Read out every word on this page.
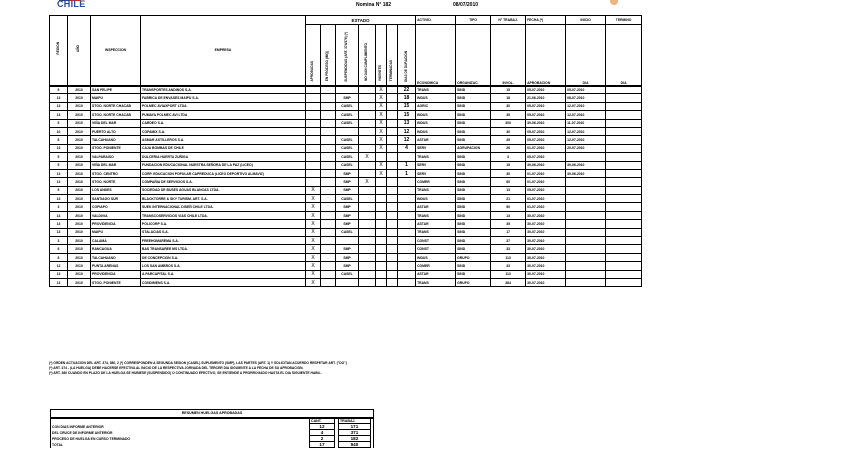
CHILE	Nomina N° 182	08/07/2010
REGION	AÑO	INSPECCION	EMPRESA	ESTADO							ACTIVID.	TIPO	N° TRABAJ.	FECHA (*)	INICIO	TERMINO
				APROBADAS	EN PROCESO (IMQ)	SUSPENDIDAS (ART. 374/376) (*)	NO DAN CUMPLIMIENTO	VIGENTES	TERMINADAS	DIAS DE DURACION	ECONOMICA	ORGANIZAC.	INVOL.	APROBACION	DIA	DIA
5	2010	SAN FELIPE	TRANSPORTES ANDINOS S.A.					X		22	TRANS	SIND	15	05-07-2010	05-07-2010	
13	2010	MAIPU	FABRICA DE ENVASES MAIPU S.A.			SMP		X		18	INDUS	SIND	18	21-06-2010	08-07-2010	
13	2010	STGO. NORTE CHACAB	POLMEC AVIAXPORT LTDA			CASEL		X		15	AGRIC	SIND	30	05-07-2010	12-07-2010	
13	2010	STGO. NORTE CHACAB	PUMAYA POLMEC AVI LTDA			CASEL		X		15	INDUS	SIND	35	05-07-2010	12-07-2010	
5	2010	VIÑA DEL MAR	CARDEO S.A.			CASEL		X		13	INDUS	SIND	300	30-06-2010	11-07-2010	
10	2010	PUERTO ALTO	COPAMIX S.A.					X		12	INDUS	SIND	30	05-07-2010	12-07-2010	
8	2010	TALCAHUANO	ASMAR ASTILLEROS S.A.			CASEL		X		12	ASTAR	SIND	35	05-07-2010	12-07-2010	
13	2010	STGO. PONIENTE	CAJA BOMBAS DE CHILE			CASEL		X		4	SERV	AGRUPACION	26	01-07-2010	20-07-2010	
5	2010	VALPARAISO	DULCERIA HUERTA ZUÑIGA			CASEL	X				TRANS	SIND	3	05-07-2010		
5	2010	VIÑA DEL MAR	FUNDACION EDUCACIONAL NUESTRA SEÑORA DE LA PAZ (LICEO)			CASEL		X		1	SERV	SIND	15	30-06-2010	30-06-2010	
13	2010	STGO. CENTRO	CORP. EDUCACION POPULAR CAPREDUCA (LICEO DEPORTIVO ALMAVIZ)			SMP		X		1	SERV	SIND	30	01-07-2010	30-06-2010	
13	2010	STGO. NORTE	COMPAÑIA DE SERVICIOS S.A.			SMP	X				COMER	SIND	60	01-07-2010		
5	2010	LOS ANDES	SOCIEDAD DE BUSES AGUAS BLANCAS LTDA.	X		SMP					TRANS	SIND	13	05-07-2010		
13	2010	SANTIAGO SUR	BLACKTORRE & SKY TURISM. ART. S.A.	X		CASEL					INDUS	SIND	21	01-07-2010		
3	2010	COPIAPO	SUEK INTERNACIONAL DISEÑ CHILE LTDA.	X		SMP					ASTAR	SIND	50	01-07-2010		
14	2010	VALDIVIA	TRANSCOSERVICIOS VIAS CHILE LTDA.	X		SMP					TRANS	SIND	13	30-07-2010		
13	2010	PROVIDENCIA	POLICORP S.A.	X		SMP					ASTAR	SIND	35	30-07-2010		
13	2010	MAIPU	STALACIAS S.A.	X		CASEL					TRANS	SIND	17	30-07-2010		
3	2010	CALAMA	FREEHOMAREMA S.A.	X							CONST	SIND	37	30-07-2010		
6	2010	RANCAGUA	BAS TRANSAREE MS LTDA.	X		SMP					CONST	SIND	33	30-07-2010		
8	2010	TALCAHUANO	DE CONCEPCION S.A.	X		SMP					INDUS	GRUPO	113	30-07-2010		
12	2010	PUNTA ARENAS	LOS SAN AMBROS S.A.	X		SMP					COMER	SIND	33	30-07-2010		
13	2010	PROVIDENCIA	A.PARCAPITAL S.A.	X		CASEL					ASTAR	SIND	113	30-07-2010		
13	2010	STGO. PONIENTE	CONDIMENS S.A.	X							TRANS	GRUPO	384	30-07-2010		
(*) ORDEN ACTUACION DEL ART. 374, 380, 2 (*) CORRESPONDEN A SEGUNDA SESION (CASEL) SUPLEMENTO (SMP), LAS PARTES (ART. 1) Y SOLICITAN ACUERDO RESPETAR ART. ("DO")
(*) ART. 374 - (LA HUELGA) DEBE HACERSE EFECTIVA AL INICIO DE LA RESPECTIVA JORNADA DEL TERCER DIA SIGUIENTE A LA FECHA DE SU APROBACION.
(*) ART. 380 CUANDO EN PLAZO DE LA HUELGA SE HUBIESE (SUSPENDIDO) O CONTINUADO EFECTIVO, SE ENTIENDE A PRORROGADO HASTA EL DIA SIGUIENTE HABIL.
RESUMEN HUELGAS APROBADAS				
	CANT.		TRABAJ.	
CON DIAS INFORME ANTERIOR	12		171	
DEL CRUCE DE INFORME ANTERIOR	4		371	
PROCESO DE HUELGA EN CURSO TERMINADO	2		182	
TOTAL	17		940	
